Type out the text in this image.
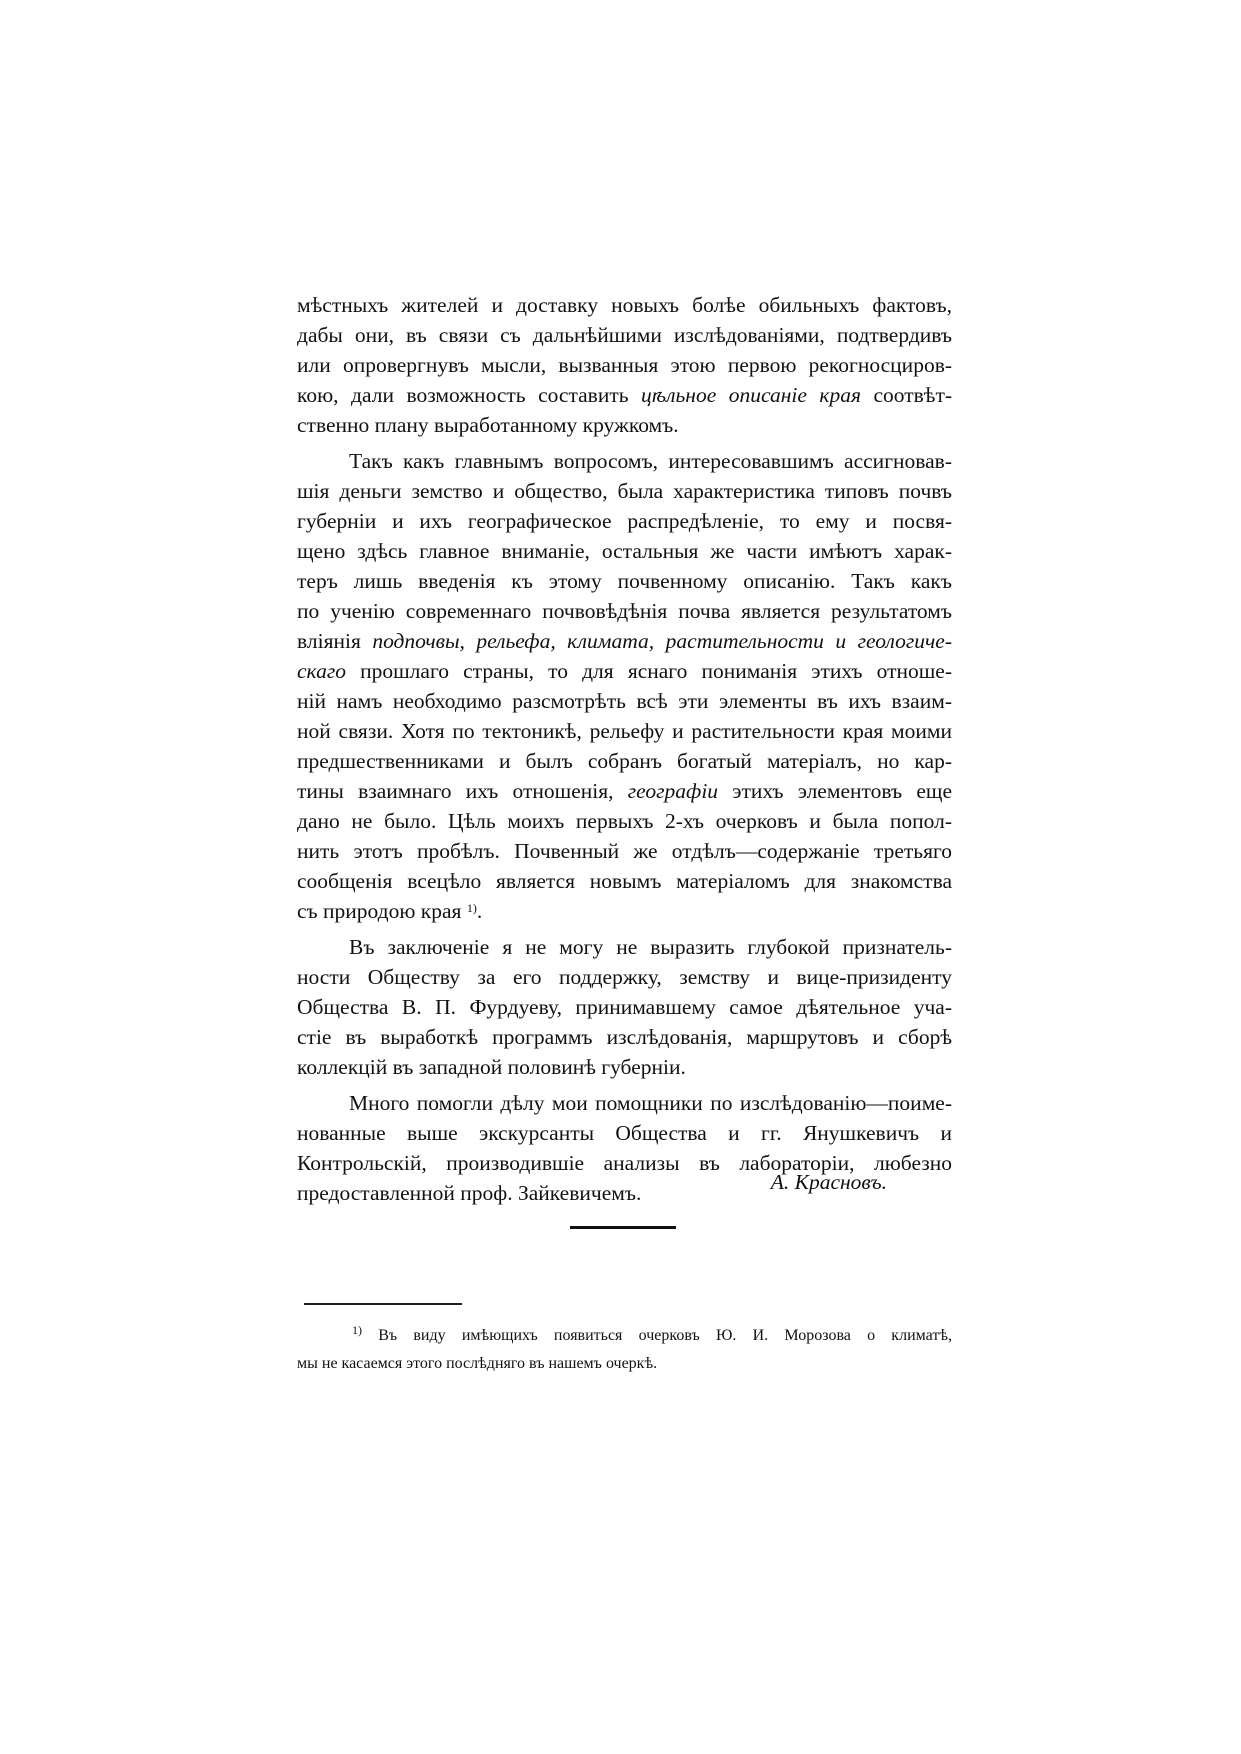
мѣстныхъ жителей и доставку новыхъ болѣе обильныхъ фактовъ,
дабы они, въ связи съ дальнѣйшими изслѣдованіями, подтвердивъ
или опровергнувъ мысли, вызванныя этою первою рекогносциров-
кою, дали возможность составить цѣльное описаніе края соотвѣт-
ственно плану выработанному кружкомъ.
Такъ какъ главнымъ вопросомъ, интересовавшимъ ассигновав-
шія деньги земство и общество, была характеристика типовъ почвъ
губерніи и ихъ географическое распредѣленіе, то ему и посвя-
щено здѣсь главное вниманіе, остальныя же части имѣютъ харак-
теръ лишь введенія къ этому почвенному описанію. Такъ какъ
по ученію современнаго почвовѣдѣнія почва является результатомъ
вліянія подпочвы, рельефа, климата, растительности и геологиче-
скаго прошлаго страны, то для яснаго пониманія этихъ отноше-
ній намъ необходимо разсмотрѣть всѣ эти элементы въ ихъ взаим-
ной связи. Хотя по тектоникѣ, рельефу и растительности края моими
предшественниками и былъ собранъ богатый матеріалъ, но кар-
тины взаимнаго ихъ отношенія, географіи этихъ элементовъ еще
дано не было. Цѣль моихъ первыхъ 2-хъ очерковъ и была попол-
нить этотъ пробѣлъ. Почвенный же отдѣлъ—содержаніе третьяго
сообщенія всецѣло является новымъ матеріаломъ для знакомства
съ природою края $^{1)}$.
Въ заключеніе я не могу не выразить глубокой признатель-
ности Обществу за его поддержку, земству и вице-призиденту
Общества В. П. Фурдуеву, принимавшему самое дѣятельное уча-
стіе въ выработкѣ программъ изслѣдованія, маршрутовъ и сборѣ
коллекцій въ западной половинѣ губерніи.
Много помогли дѣлу мои помощники по изслѣдованію—поиме-
нованные выше экскурсанты Общества и гг. Янушкевичъ и
Контрольскій, производившіе анализы въ лабораторіи, любезно
предоставленной проф. Зайкевичемъ.	А. Красновъ.
$^{1)}$ Въ виду имѣющихъ появиться очерковъ Ю. И. Морозова о климатѣ,
мы не касаемся этого послѣдняго въ нашемъ очеркѣ.
